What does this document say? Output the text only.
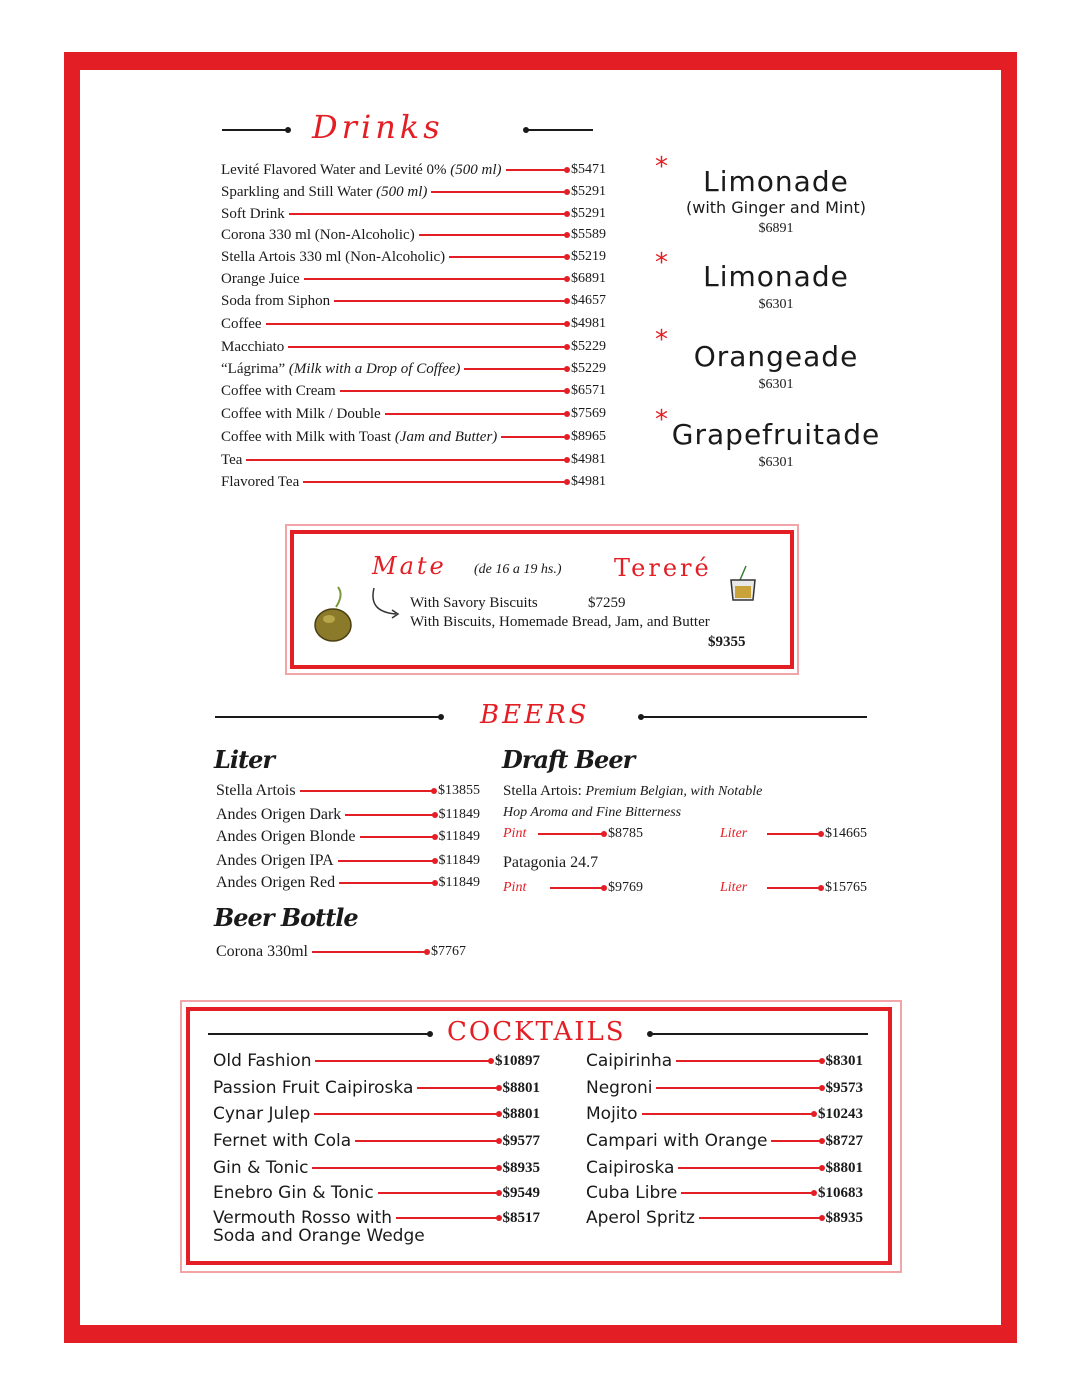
Drinks
Levité Flavored Water and Levité 0% (500 ml)	$5471
Sparkling and Still Water (500 ml)	$5291
Soft Drink	$5291
Corona 330 ml (Non-Alcoholic)	$5589
Stella Artois 330 ml (Non-Alcoholic)	$5219
Orange Juice	$6891
Soda from Siphon	$4657
Coffee	$4981
Macchiato	$5229
“Lágrima” (Milk with a Drop of Coffee)	$5229
Coffee with Cream	$6571
Coffee with Milk / Double	$7569
Coffee with Milk with Toast (Jam and Butter)	$8965
Tea	$4981
Flavored Tea	$4981
*	Limonade
(with Ginger and Mint)
$6891
*	Limonade
$6301
* Orangeade
$6301
* Grapefruitade
$6301
Mate (de 16 a 19 hs.) Tereré
With Savory Biscuits	$7259
With Biscuits, Homemade Bread, Jam, and Butter
$9355
BEERS
Liter
Stella Artois	$13855
Andes Origen Dark	$11849
Andes Origen Blonde	$11849
Andes Origen IPA	$11849
Andes Origen Red	$11849
Beer Bottle
Corona 330ml	$7767
Draft Beer
Stella Artois: Premium Belgian, with Notable
Hop Aroma and Fine Bitterness
Pint	$8785	Liter	$14665
Patagonia 24.7
Pint	$9769	Liter	$15765
COCKTAILS
Old Fashion	$10897
Passion Fruit Caipiroska	$8801
Cynar Julep	$8801
Fernet with Cola	$9577
Gin & Tonic	$8935
Enebro Gin & Tonic	$9549
Vermouth Rosso with	$8517
Caipirinha	$8301
Negroni	$9573
Mojito	$10243
Campari with Orange	$8727
Caipiroska	$8801
Cuba Libre	$10683
Aperol Spritz	$8935
Soda and Orange Wedge
